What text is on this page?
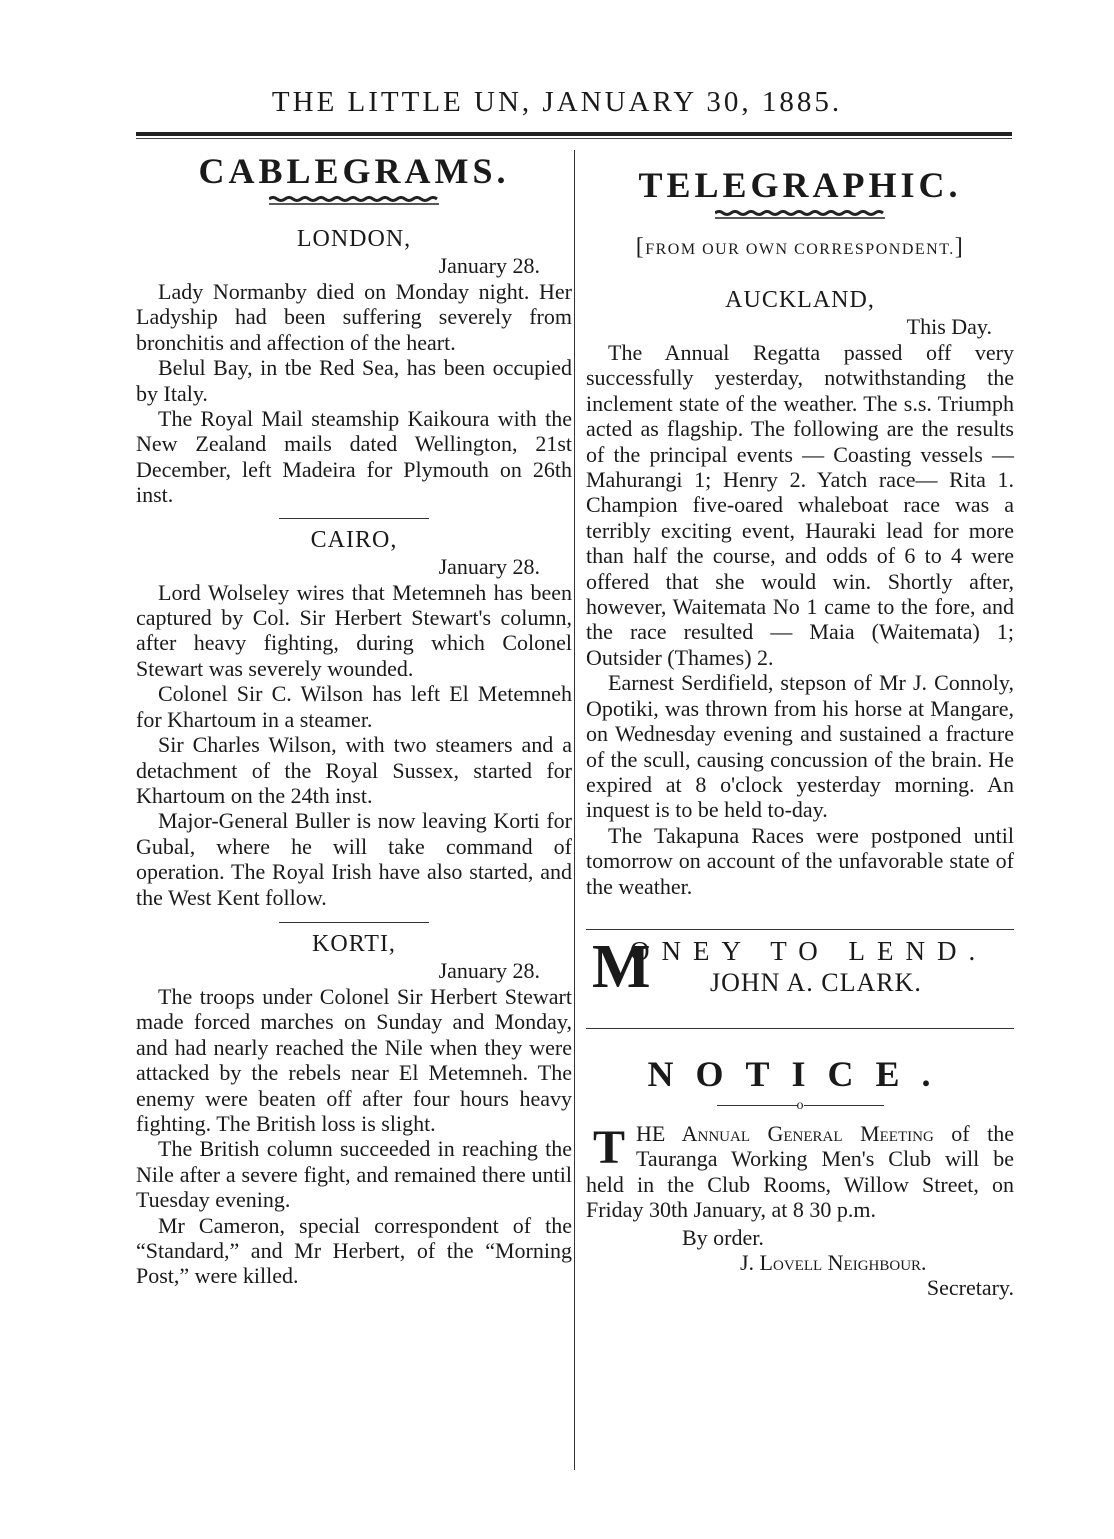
THE LITTLE UN, JANUARY 30, 1885.
CABLEGRAMS.

LONDON,

January 28.

Lady Normanby died on Monday night. Her Ladyship had been suffering severely from bronchitis and affection of the heart.

Belul Bay, in tbe Red Sea, has been occupied by Italy.

The Royal Mail steamship Kaikoura with the New Zealand mails dated Wellington, 21st December, left Madeira for Plymouth on 26th inst.

CAIRO,

January 28.

Lord Wolseley wires that Metemneh has been captured by Col. Sir Herbert Stewart's column, after heavy fighting, during which Colonel Stewart was severely wounded.

Colonel Sir C. Wilson has left El Metemneh for Khartoum in a steamer.

Sir Charles Wilson, with two steamers and a detachment of the Royal Sussex, started for Khartoum on the 24th inst.

Major-General Buller is now leaving Korti for Gubal, where he will take command of operation. The Royal Irish have also started, and the West Kent follow.

KORTI,

January 28.

The troops under Colonel Sir Herbert Stewart made forced marches on Sunday and Monday, and had nearly reached the Nile when they were attacked by the rebels near El Metemneh. The enemy were beaten off after four hours heavy fighting. The British loss is slight.

The British column succeeded in reaching the Nile after a severe fight, and remained there until Tuesday evening.

Mr Cameron, special correspondent of the “Standard,” and Mr Herbert, of the “Morning Post,” were killed.

TELEGRAPHIC.

[FROM OUR OWN CORRESPONDENT.]

AUCKLAND,

This Day.

The Annual Regatta passed off very successfully yesterday, notwithstanding the inclement state of the weather. The s.s. Triumph acted as flagship. The following are the results of the principal events — Coasting vessels — Mahurangi 1; Henry 2. Yatch race— Rita 1. Champion five-oared whaleboat race was a terribly exciting event, Hauraki lead for more than half the course, and odds of 6 to 4 were offered that she would win. Shortly after, however, Waitemata No 1 came to the fore, and the race resulted — Maia (Waitemata) 1; Outsider (Thames) 2.

Earnest Serdifield, stepson of Mr J. Connoly, Opotiki, was thrown from his horse at Mangare, on Wednesday evening and sustained a fracture of the scull, causing concussion of the brain. He expired at 8 o'clock yesterday morning. An inquest is to be held to-day.

The Takapuna Races were postponed until tomorrow on account of the unfavorable state of the weather.

M
ONEY TO LEND.
JOHN A. CLARK.

NOTICE.

o

T HE Annual General Meeting of the Tauranga Working Men's Club will be held in the Club Rooms, Willow Street, on Friday 30th January, at 8 30 p.m.

By order.

J. Lovell Neighbour.

Secretary.
